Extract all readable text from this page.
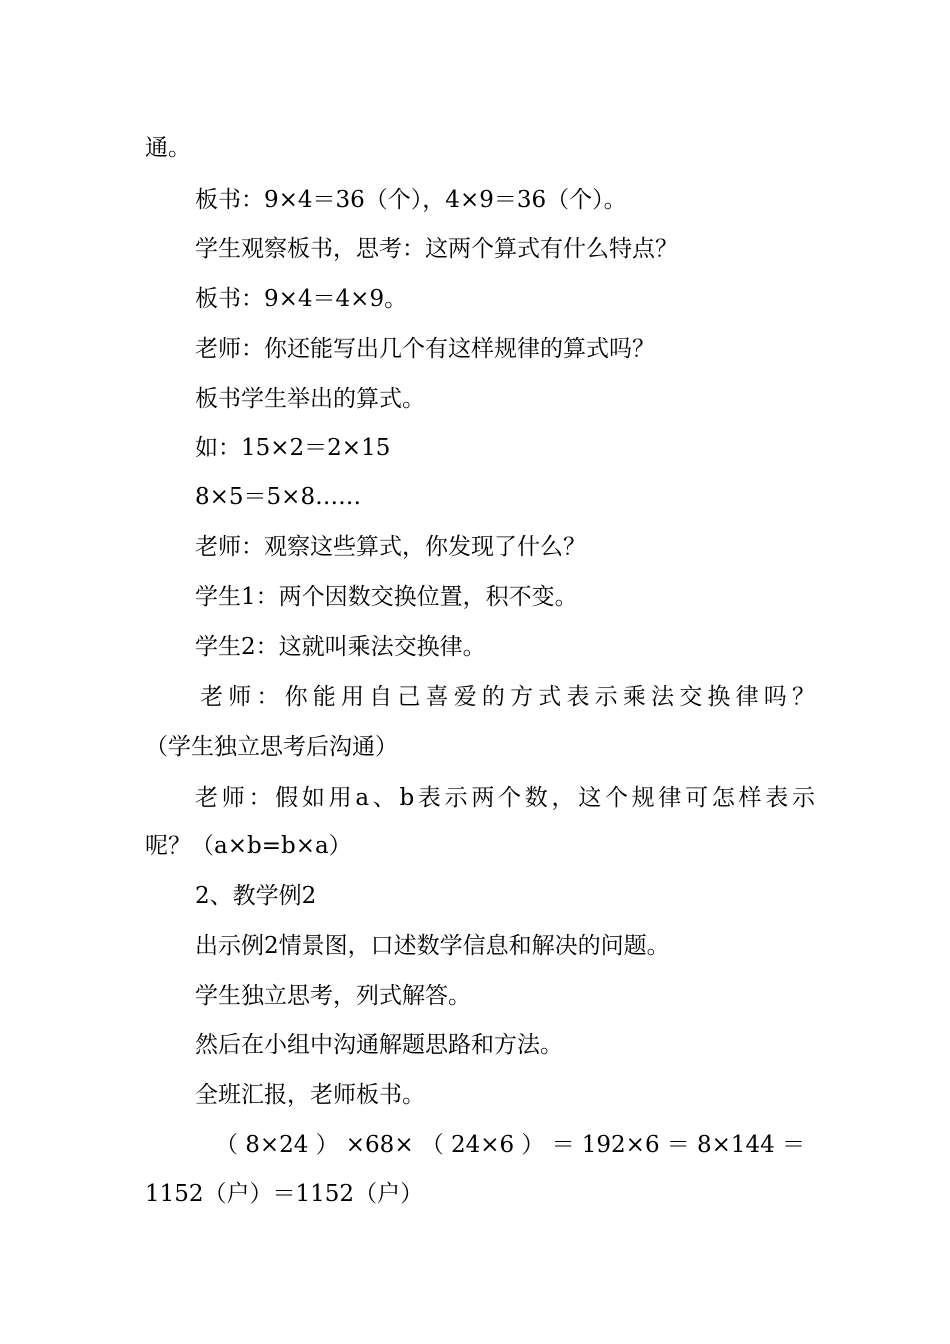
通。
板书：9×4＝36（个），4×9＝36（个）。
学生观察板书，思考：这两个算式有什么特点？
板书：9×4＝4×9。
老师：你还能写出几个有这样规律的算式吗？
板书学生举出的算式。
如：15×2＝2×15
8×5＝5×8……
老师：观察这些算式，你发现了什么？
学生1：两个因数交换位置，积不变。
学生2：这就叫乘法交换律。
老师：你能用自己喜爱的方式表示乘法交换律吗？
（学生独立思考后沟通）
老师：假如用a、b表示两个数，这个规律可怎样表示
呢？（a×b=b×a）
2、教学例2
出示例2情景图，口述数学信息和解决的问题。
学生独立思考，列式解答。
然后在小组中沟通解题思路和方法。
全班汇报，老师板书。
（8×24）×68×（24×6）＝192×6＝8×144＝
1152（户）＝1152（户）
